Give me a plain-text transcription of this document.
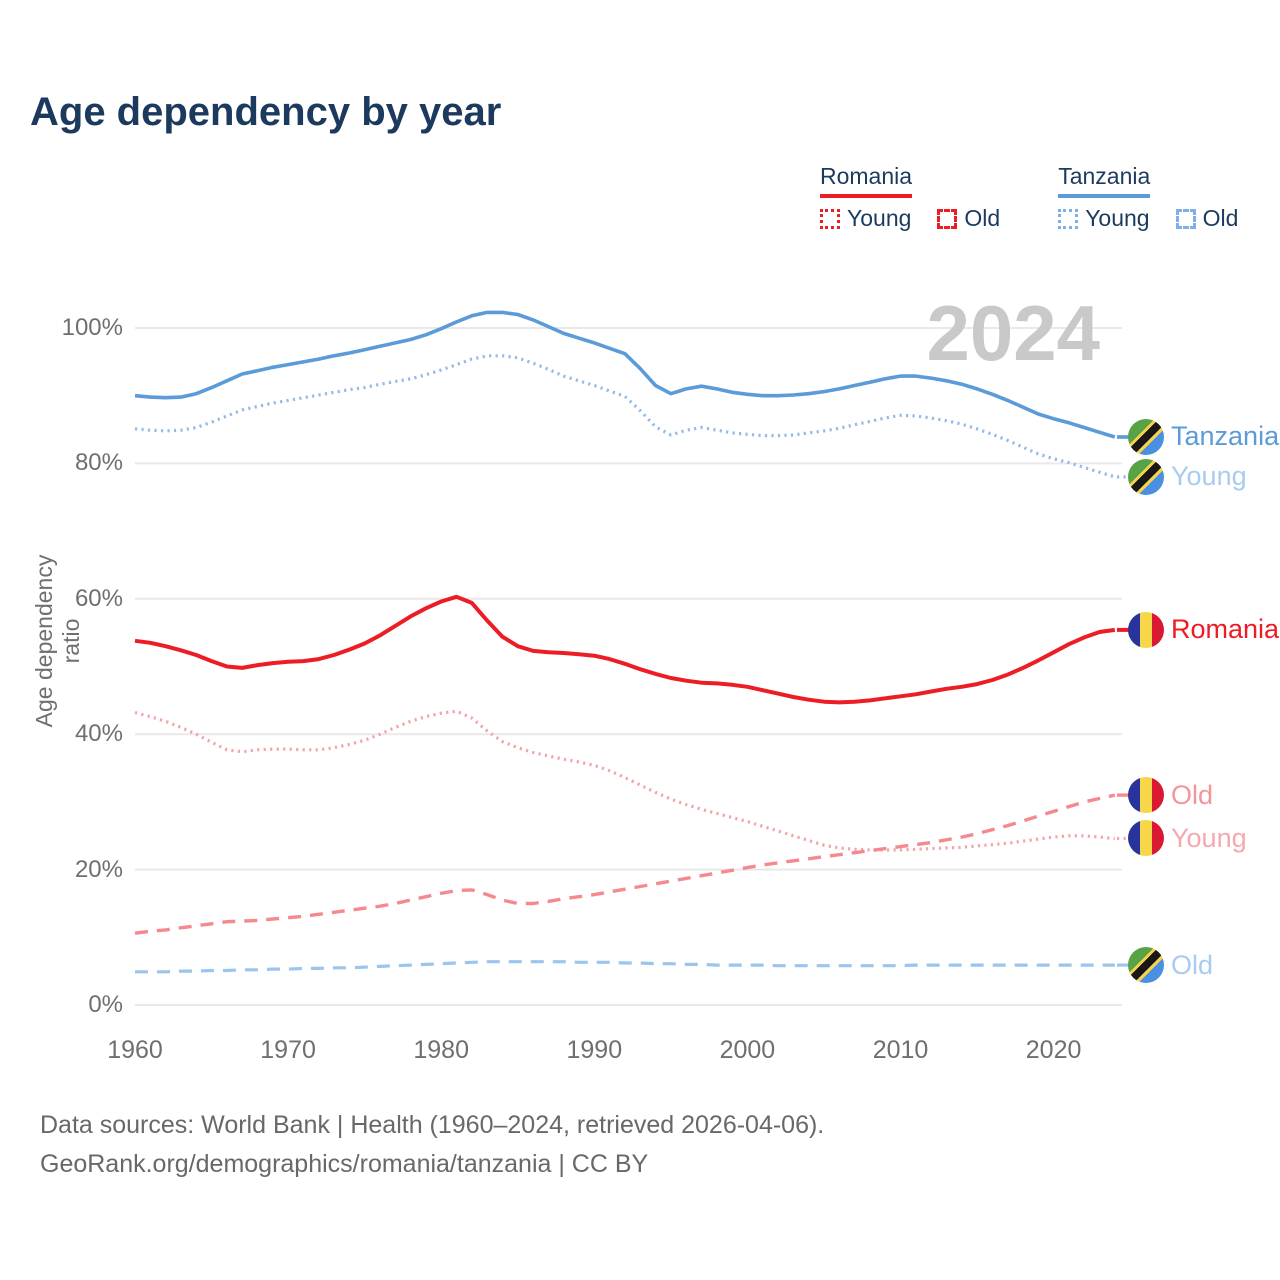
Age dependency by year
Romania
Young Old
Tanzania
Young Old
Age dependency ratio
2024
0%
20%
40%
60%
80%
100%
1960	1970	1980	1990	2000	2010	2020
Tanzania
Young
Romania
Old
Young
Old
Data sources: World Bank | Health (1960–2024, retrieved 2026-04-06).
GeoRank.org/demographics/romania/tanzania | CC BY
